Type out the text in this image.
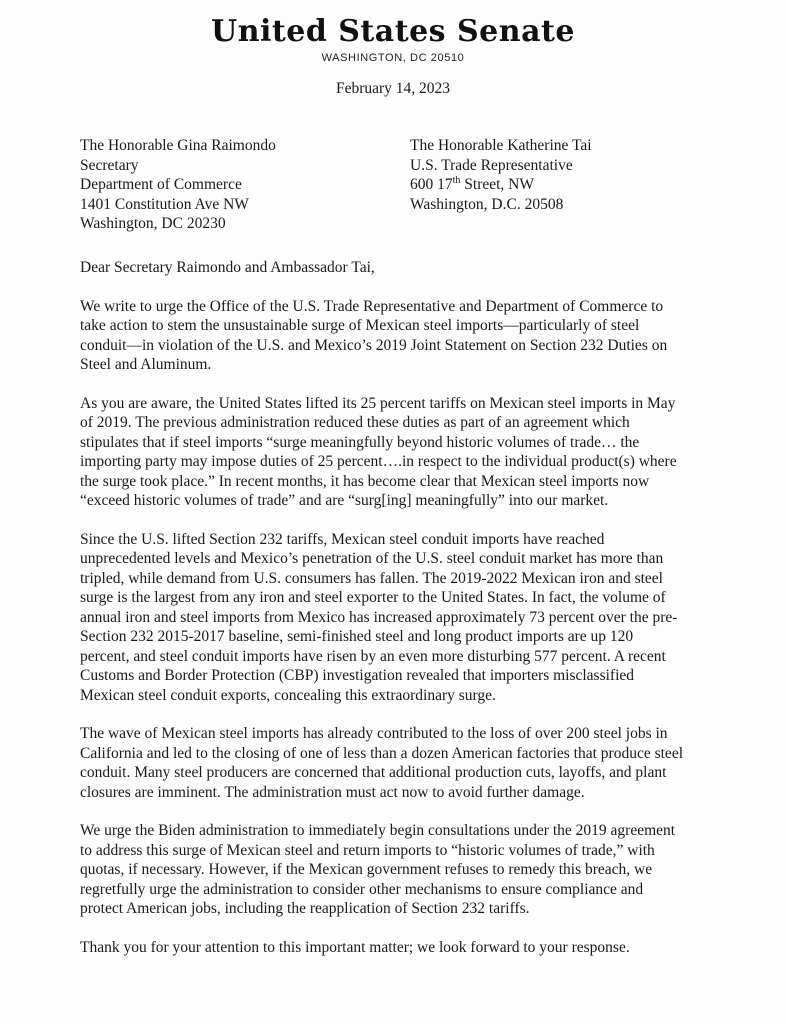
United States Senate
WASHINGTON, DC 20510
February 14, 2023
The Honorable Gina Raimondo
Secretary
Department of Commerce
1401 Constitution Ave NW
Washington, DC 20230
The Honorable Katherine Tai
U.S. Trade Representative
600 17th Street, NW
Washington, D.C. 20508
Dear Secretary Raimondo and Ambassador Tai,
We write to urge the Office of the U.S. Trade Representative and Department of Commerce to
take action to stem the unsustainable surge of Mexican steel imports—particularly of steel
conduit—in violation of the U.S. and Mexico’s 2019 Joint Statement on Section 232 Duties on
Steel and Aluminum.
As you are aware, the United States lifted its 25 percent tariffs on Mexican steel imports in May
of 2019. The previous administration reduced these duties as part of an agreement which
stipulates that if steel imports “surge meaningfully beyond historic volumes of trade… the
importing party may impose duties of 25 percent….in respect to the individual product(s) where
the surge took place.” In recent months, it has become clear that Mexican steel imports now
“exceed historic volumes of trade” and are “surg[ing] meaningfully” into our market.
Since the U.S. lifted Section 232 tariffs, Mexican steel conduit imports have reached
unprecedented levels and Mexico’s penetration of the U.S. steel conduit market has more than
tripled, while demand from U.S. consumers has fallen. The 2019-2022 Mexican iron and steel
surge is the largest from any iron and steel exporter to the United States. In fact, the volume of
annual iron and steel imports from Mexico has increased approximately 73 percent over the pre-
Section 232 2015-2017 baseline, semi-finished steel and long product imports are up 120
percent, and steel conduit imports have risen by an even more disturbing 577 percent. A recent
Customs and Border Protection (CBP) investigation revealed that importers misclassified
Mexican steel conduit exports, concealing this extraordinary surge.
The wave of Mexican steel imports has already contributed to the loss of over 200 steel jobs in
California and led to the closing of one of less than a dozen American factories that produce steel
conduit. Many steel producers are concerned that additional production cuts, layoffs, and plant
closures are imminent. The administration must act now to avoid further damage.
We urge the Biden administration to immediately begin consultations under the 2019 agreement
to address this surge of Mexican steel and return imports to “historic volumes of trade,” with
quotas, if necessary. However, if the Mexican government refuses to remedy this breach, we
regretfully urge the administration to consider other mechanisms to ensure compliance and
protect American jobs, including the reapplication of Section 232 tariffs.
Thank you for your attention to this important matter; we look forward to your response.
